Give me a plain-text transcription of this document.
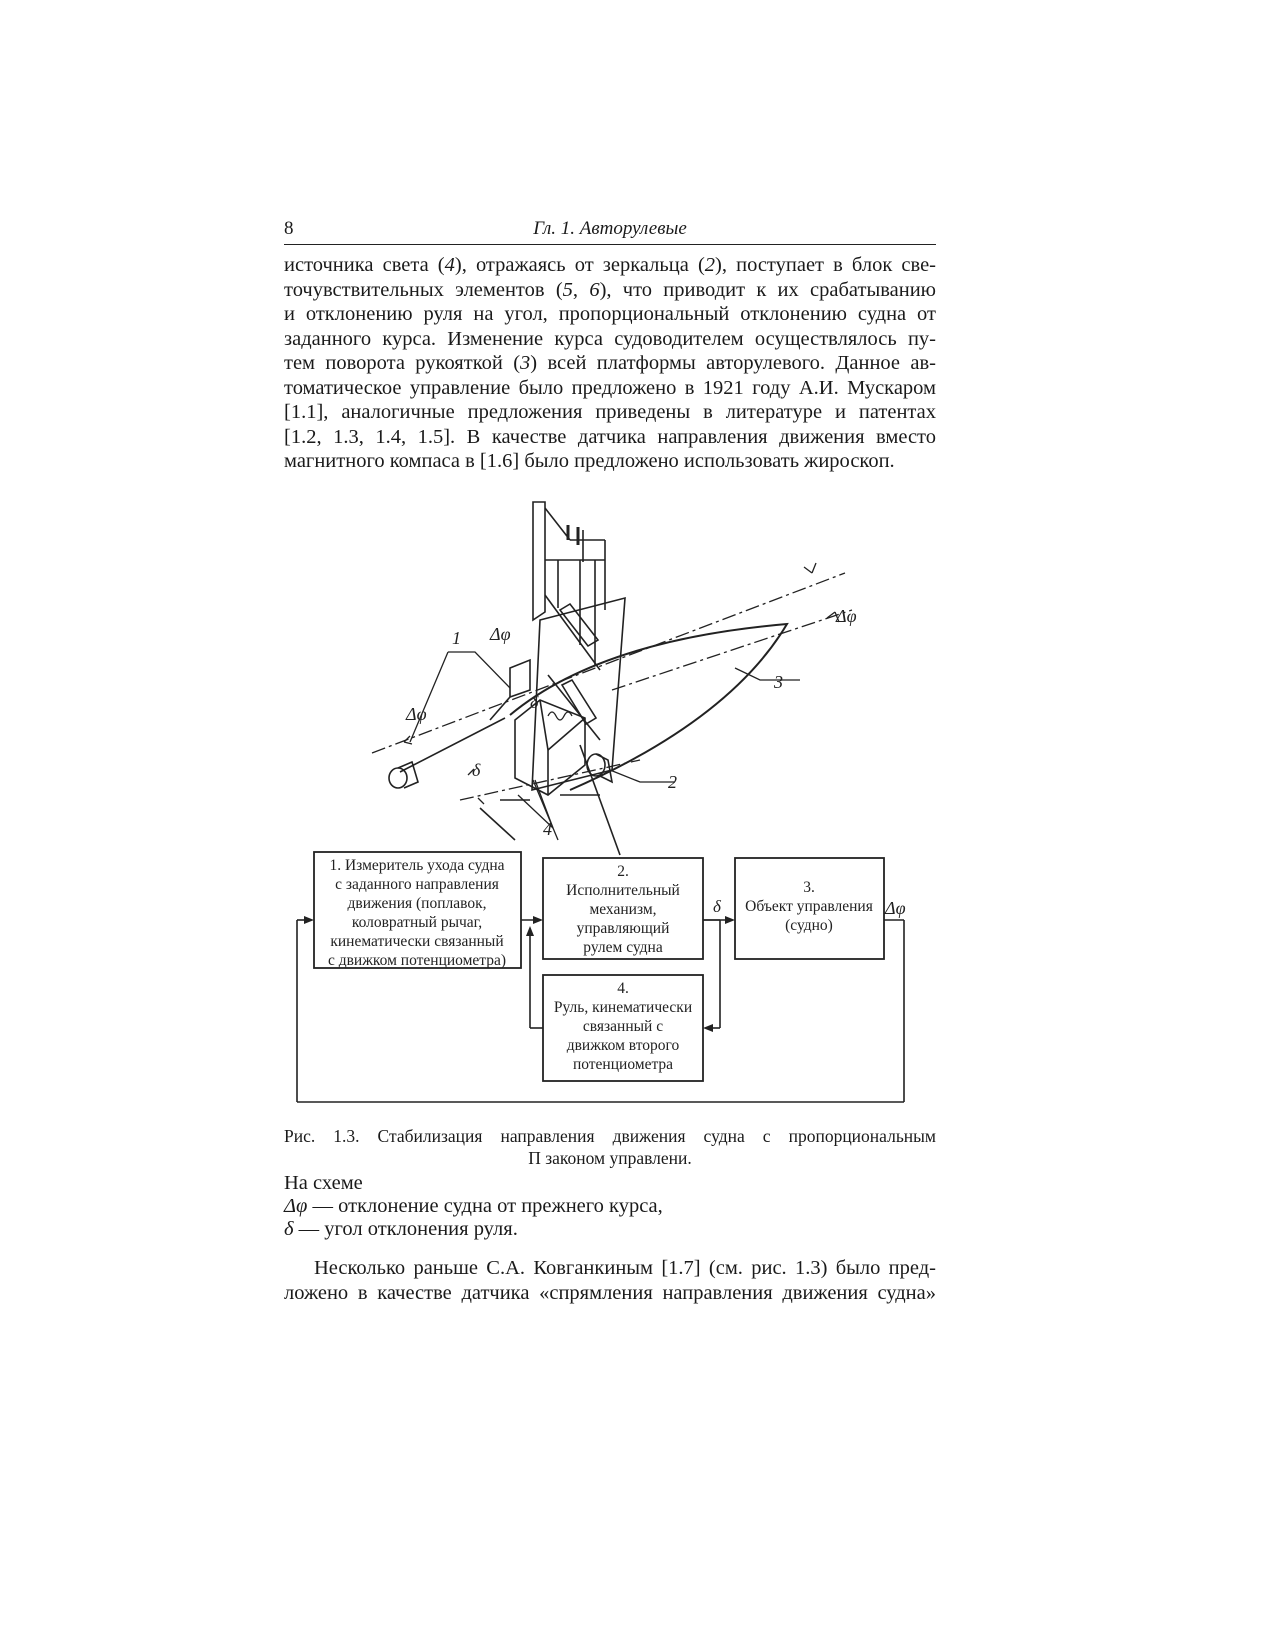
8	Гл. 1. Авторулевые
источника света (4), отражаясь от зеркальца (2), поступает в блок све-
точувствительных элементов (5, 6), что приводит к их срабатыванию
и отклонению руля на угол, пропорциональный отклонению судна от
заданного курса. Изменение курса судоводителем осуществлялось пу-
тем поворота рукояткой (3) всей платформы авторулевого. Данное ав-
томатическое управление было предложено в 1921 году А.И. Мускаром
[1.1], аналогичные предложения приведены в литературе и патентах
[1.2, 1.3, 1.4, 1.5]. В качестве датчика направления движения вместо
магнитного компаса в [1.6] было предложено использовать жироскоп.
1
2
3
4
Δφ
Δφ
Δφ
δ
δ
1. Измеритель ухода судна
с заданного направления
движения (поплавок,
коловратный рычаг,
кинематически связанный
с движком потенциометра)
2.
Исполнительный
механизм,
управляющий
рулем судна
3.
Объект управления
(судно)
4.
Руль, кинематически
связанный с
движком второго
потенциометра
δ	Δφ
Рис. 1.3. Стабилизация направления движения судна с пропорциональным
П законом управлени.
На схеме
Δφ — отклонение судна от прежнего курса,
δ — угол отклонения руля.
Несколько раньше С.А. Ковганкиным [1.7] (см. рис. 1.3) было пред-
ложено в качестве датчика «спрямления направления движения судна»
